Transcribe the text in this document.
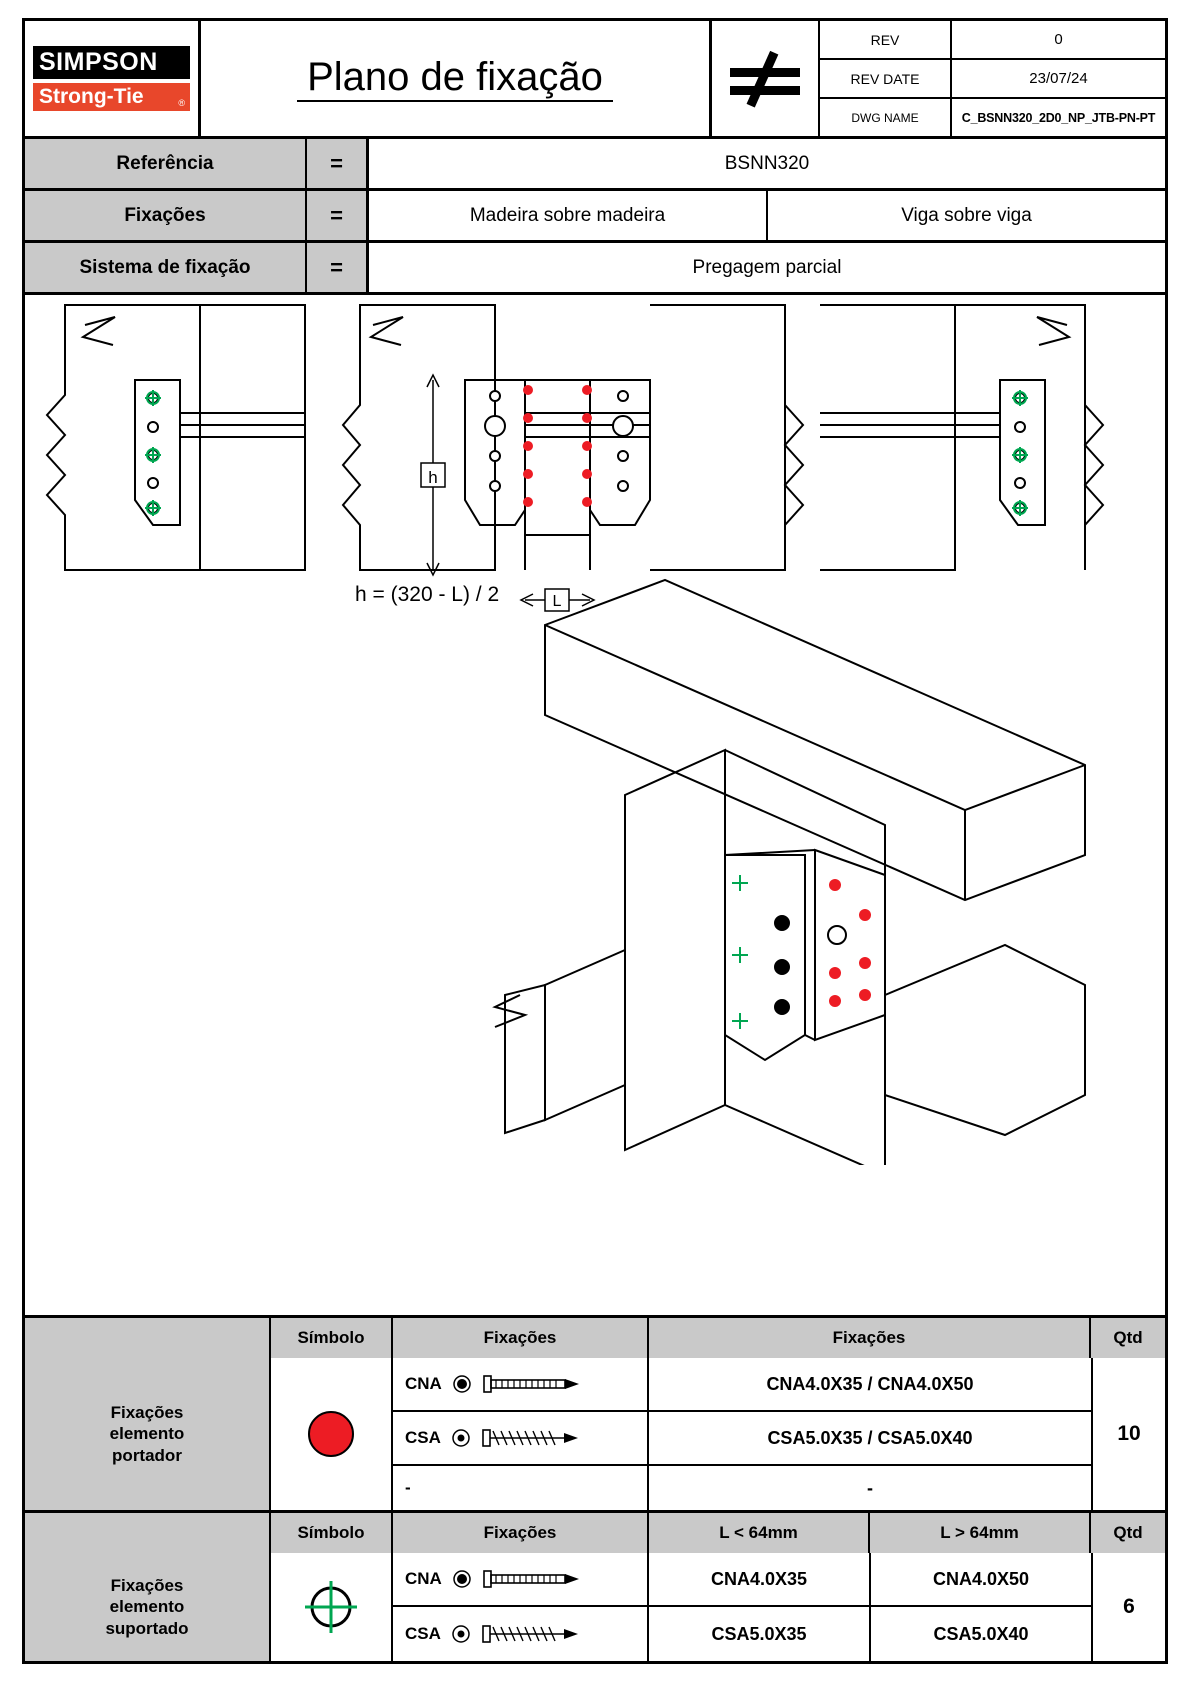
SIMPSON
Strong-Tie	®
Plano de fixação
REV	0
REV DATE	23/07/24
DWG NAME	C_BSNN320_2D0_NP_JTB-PN-PT
Referência	=	BSNN320
Fixações	=	Madeira sobre madeira	Viga sobre viga
Sistema de fixação	=	Pregagem parcial
h
L
h = (320 - L) / 2
Símbolo	Fixações	Fixações	Qtd
Fixações
elemento
portador
CNA	CNA4.0X35 / CNA4.0X50
CSA	CSA5.0X35 / CSA5.0X40
-	-
10
Símbolo	Fixações	L < 64mm	L > 64mm	Qtd
Fixações
elemento
suportado
CNA	CNA4.0X35	CNA4.0X50
CSA	CSA5.0X35	CSA5.0X40
6
